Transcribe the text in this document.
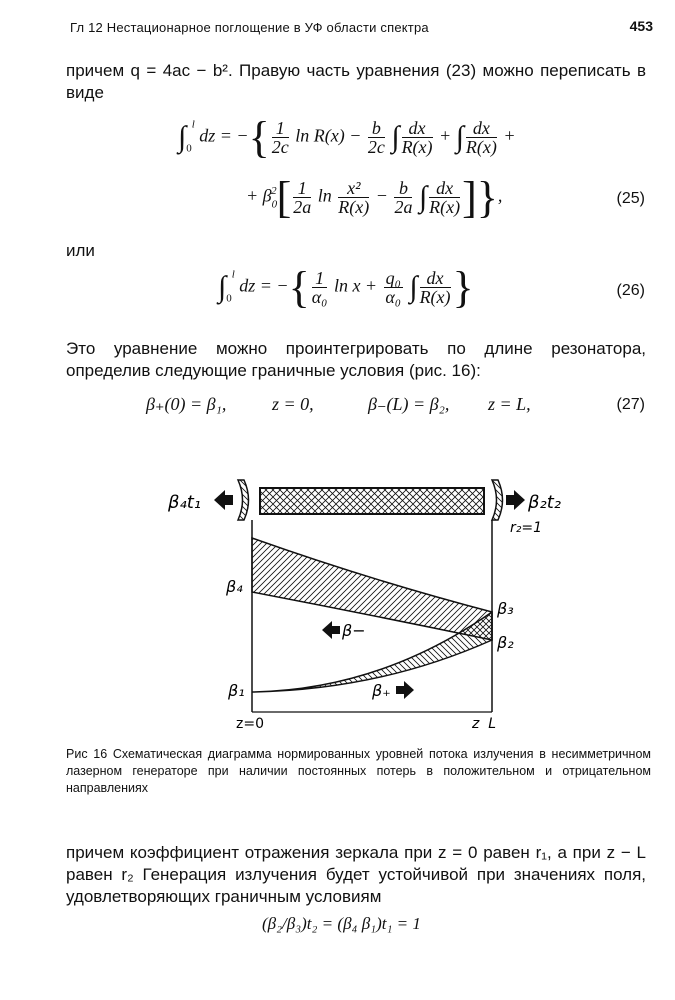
Гл 12 Нестационарное поглощение в УФ области спектра	453
причем q = 4ac − b². Правую часть уравнения (23) можно переписать в виде
$\int_0^l$ dz = −{ $\frac{1}{2c}$ $\ln R(x) - \frac{b}{2c}$ ∫ $\frac{dx}{R(x)}$ + ∫ $\frac{dx}{R(x)}$ +
+ $\beta_0^2[ \frac{1}{2a}$ $\ln \frac{\text{x²}}{R(x)} - \frac{b}{2a}$ ∫ $\frac{dx}{R(x)}$ ]},	(25)
или
$\int_0^l$ dz = −{ $\frac{1}{\text{α₀}}$ $\ln x + \frac{\text{q₀}}{\text{α₀}}$ ∫ $\frac{dx}{R(x)}$ }	(26)
Это уравнение можно проинтегрировать по длине резонатора, определив следующие граничные условия (рис. 16):
β₊(0) = β₁,	z = 0,	β₋(L) = β₂, z = L,	(27)
β₄t₁	β₂t₂
r₂=1
β₄
β₃
β₂
β₁
β−
β₊
z=0	z  L
Рис 16 Схематическая диаграмма нормированных уровней потока излучения в несимметричном лазерном генераторе при наличии постоянных потерь в положительном и отрицательном направлениях
причем коэффициент отражения зеркала при z = 0 равен r₁, а при z − L равен r₂ Генерация излучения будет устойчивой при значениях поля, удовлетворяющих граничным условиям
(β₂/β₃)t₂ = (β₄ β₁)t₁ = 1
